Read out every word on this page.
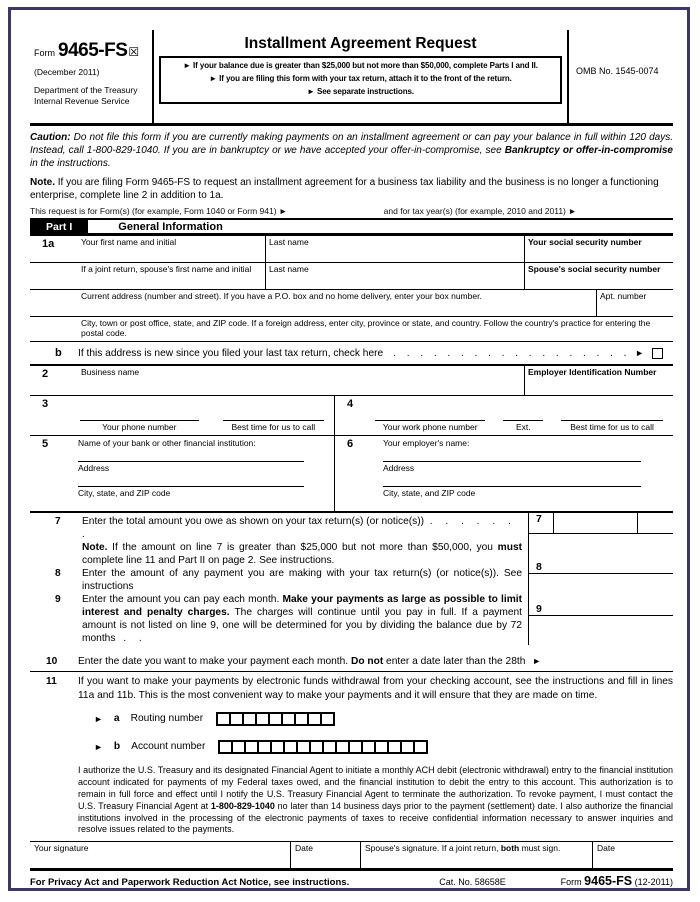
Form 9465-FS ☒
(December 2011)
Department of the Treasury
Internal Revenue Service
Installment Agreement Request
► If your balance due is greater than $25,000 but not more than $50,000, complete Parts I and II.
► If you are filing this form with your tax return, attach it to the front of the return.
► See separate instructions.
OMB No. 1545-0074
Caution: Do not file this form if you are currently making payments on an installment agreement or can pay your balance in full within 120 days. Instead, call 1-800-829-1040. If you are in bankruptcy or we have accepted your offer-in-compromise, see Bankruptcy or offer-in-compromise in the instructions.
Note. If you are filing Form 9465-FS to request an installment agreement for a business tax liability and the business is no longer a functioning enterprise, complete line 2 in addition to 1a.
This request is for Form(s) (for example, Form 1040 or Form 941) ►	and for tax year(s) (for example, 2010 and 2011) ►
Part I	General Information
1a	Your first name and initial	Last name	Your social security number
If a joint return, spouse's first name and initial	Last name	Spouse's social security number
Current address (number and street). If you have a P.O. box and no home delivery, enter your box number.	Apt. number
City, town or post office, state, and ZIP code. If a foreign address, enter city, province or state, and country. Follow the country's practice for entering the postal code.
b	If this address is new since you filed your last tax return, check here	. . . . . . . . . . . . . . . . . . ►
2	Business name	Employer Identification Number
3
Your phone number	Best time for us to call
4
Your work phone number	Ext.	Best time for us to call
5	Name of your bank or other financial institution:
Address
City, state, and ZIP code
6	Your employer's name:
Address
City, state, and ZIP code
7	Enter the total amount you owe as shown on your tax return(s) (or notice(s)) . . . . . . .
Note. If the amount on line 7 is greater than $25,000 but not more than $50,000, you must complete line 11 and Part II on page 2. See instructions.
8	Enter the amount of any payment you are making with your tax return(s) (or notice(s)). See instructions
9	Enter the amount you can pay each month. Make your payments as large as possible to limit interest and penalty charges. The charges will continue until you pay in full. If a payment amount is not listed on line 9, one will be determined for you by dividing the balance due by 72 months . .
7
8
9
10	Enter the date you want to make your payment each month. Do not enter a date later than the 28th ►
11	If you want to make your payments by electronic funds withdrawal from your checking account, see the instructions and fill in lines 11a and 11b. This is the most convenient way to make your payments and it will ensure that they are made on time.
► a Routing number
► b Account number
I authorize the U.S. Treasury and its designated Financial Agent to initiate a monthly ACH debit (electronic withdrawal) entry to the financial institution account indicated for payments of my Federal taxes owed, and the financial institution to debit the entry to this account. This authorization is to remain in full force and effect until I notify the U.S. Treasury Financial Agent to terminate the authorization. To revoke payment, I must contact the U.S. Treasury Financial Agent at 1-800-829-1040 no later than 14 business days prior to the payment (settlement) date. I also authorize the financial institutions involved in the processing of the electronic payments of taxes to receive confidential information necessary to answer inquiries and resolve issues related to the payments.
Your signature	Date	Spouse's signature. If a joint return, both must sign.	Date
For Privacy Act and Paperwork Reduction Act Notice, see instructions.	Cat. No. 58658E	Form 9465-FS (12-2011)
